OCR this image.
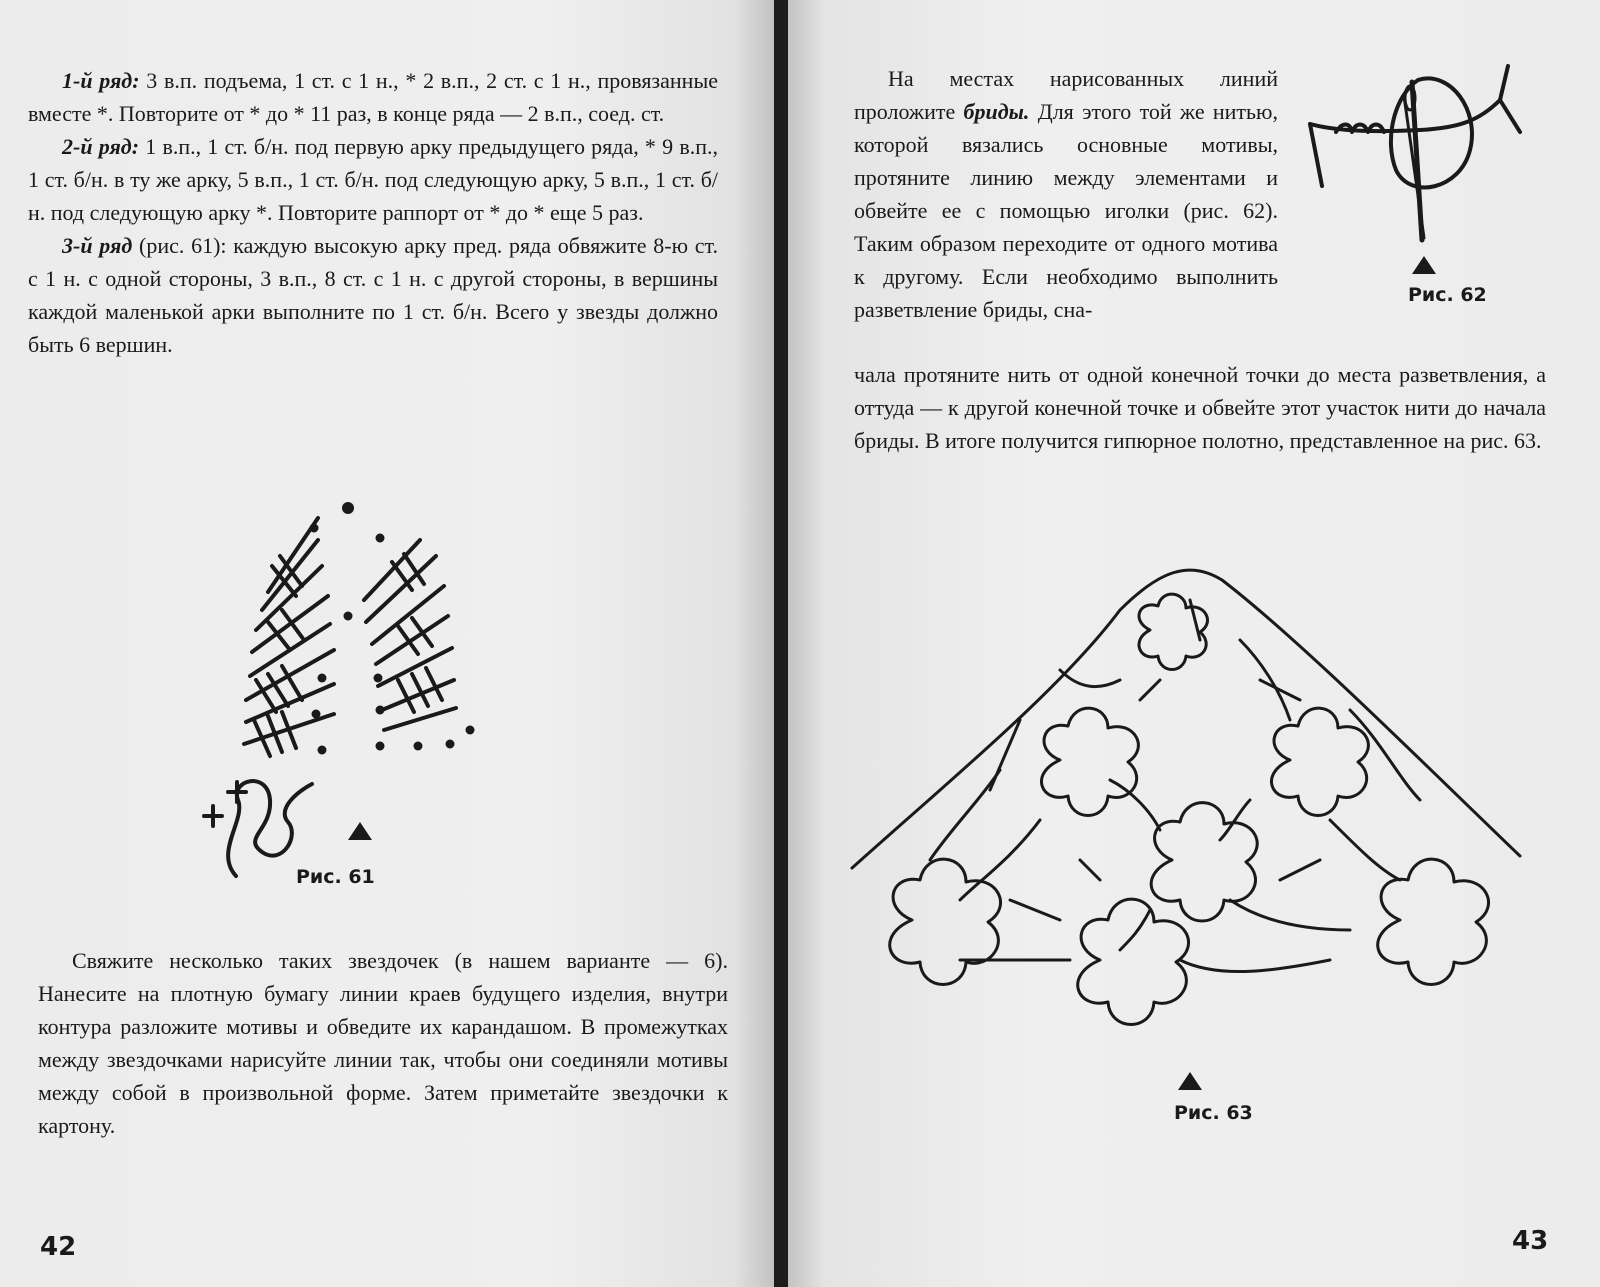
1-й ряд: 3 в.п. подъема, 1 ст. с 1 н., * 2 в.п., 2 ст. с 1 н., провязанные вместе *. Повторите от * до * 11 раз, в конце ряда — 2 в.п., соед. ст.

2-й ряд: 1 в.п., 1 ст. б/н. под первую арку предыдущего ряда, * 9 в.п., 1 ст. б/н. в ту же арку, 5 в.п., 1 ст. б/н. под следующую арку, 5 в.п., 1 ст. б/н. под следующую арку *. Повторите раппорт от * до * еще 5 раз.

3-й ряд (рис. 61): каждую высокую арку пред. ряда обвяжите 8-ю ст. с 1 н. с одной стороны, 3 в.п., 8 ст. с 1 н. с другой стороны, в вершины каждой маленькой арки выполните по 1 ст. б/н. Всего у звезды должно быть 6 вершин.

Рис. 61

Свяжите несколько таких звездочек (в нашем варианте — 6). Нанесите на плотную бумагу линии краев будущего изделия, внутри контура разложите мотивы и обведите их карандашом. В промежутках между звездочками нарисуйте линии так, чтобы они соединяли мотивы между собой в произвольной форме. Затем приметайте звездочки к картону.

42

На местах нарисованных линий проложите бриды. Для этого той же нитью, которой вязались основные мотивы, протяните линию между элементами и обвейте ее с помощью иголки (рис. 62). Таким образом переходите от одного мотива к другому. Если необходимо выполнить разветвление бриды, сна-

чала протяните нить от одной конечной точки до места разветвления, а оттуда — к другой конечной точке и обвейте этот участок нити до начала бриды. В итоге получится гипюрное полотно, представленное на рис. 63.

Рис. 62
Рис. 63
43
